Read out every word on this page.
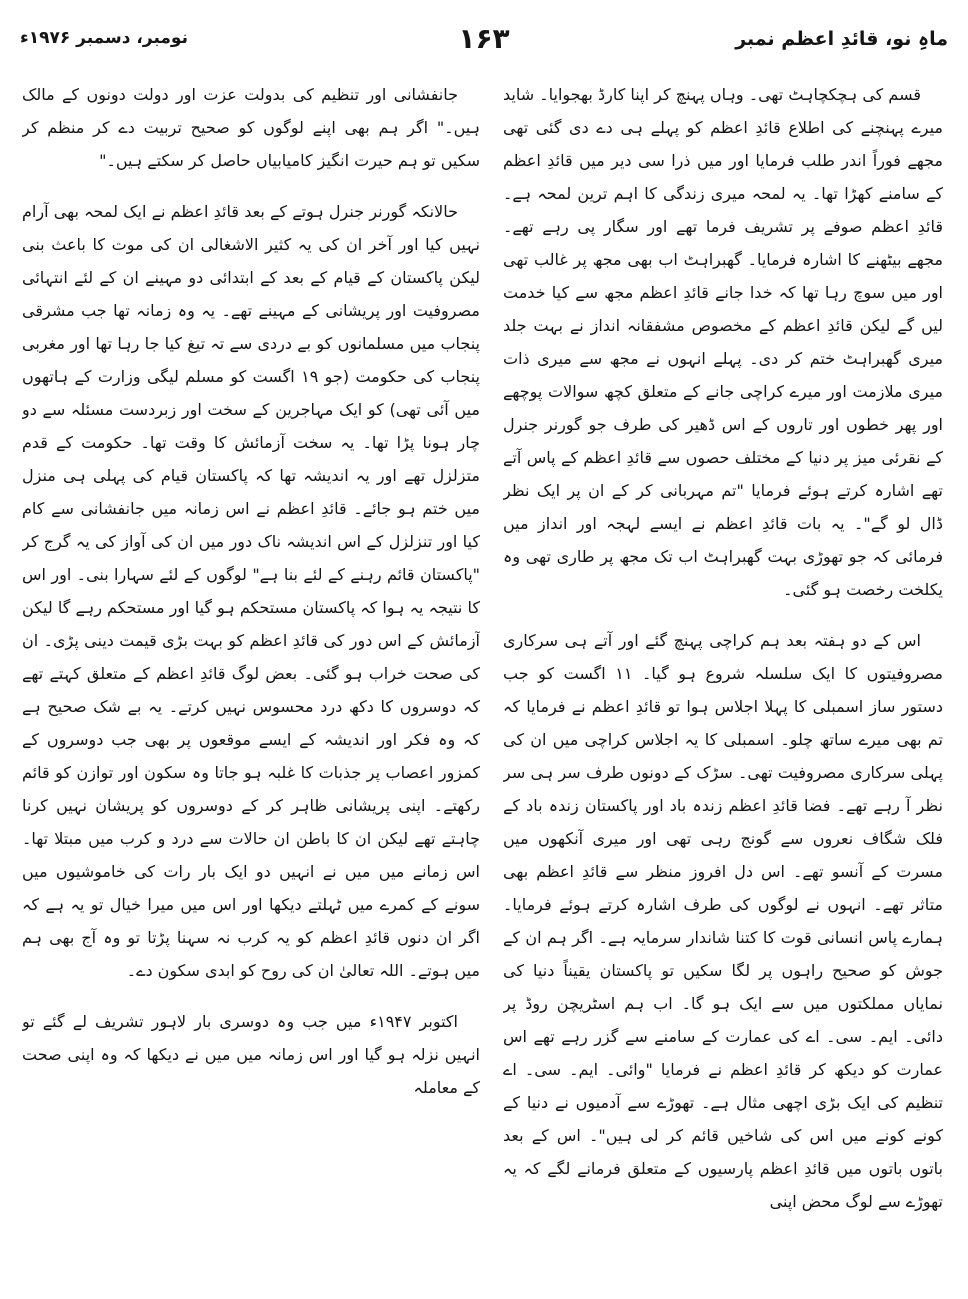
نومبر، دسمبر ۱۹۷۶ء	۱۶۳	ماہِ نو، قائدِ اعظم نمبر

قسم کی ہچکچاہٹ تھی۔ وہاں پہنچ کر اپنا کارڈ بھجوایا۔ شاید میرے پہنچنے کی اطلاع قائدِ اعظم کو پہلے ہی دے دی گئی تھی مجھے فوراً اندر طلب فرمایا اور میں ذرا سی دیر میں قائدِ اعظم کے سامنے کھڑا تھا۔ یہ لمحہ میری زندگی کا اہم ترین لمحہ ہے۔ قائدِ اعظم صوفے پر تشریف فرما تھے اور سگار پی رہے تھے۔ مجھے بیٹھنے کا اشارہ فرمایا۔ گھبراہٹ اب بھی مجھ پر غالب تھی اور میں سوچ رہا تھا کہ خدا جانے قائدِ اعظم مجھ سے کیا خدمت لیں گے لیکن قائدِ اعظم کے مخصوص مشفقانہ انداز نے بہت جلد میری گھبراہٹ ختم کر دی۔ پہلے انہوں نے مجھ سے میری ذات میری ملازمت اور میرے کراچی جانے کے متعلق کچھ سوالات پوچھے اور پھر خطوں اور تاروں کے اس ڈھیر کی طرف جو گورنر جنرل کے نقرئی میز پر دنیا کے مختلف حصوں سے قائدِ اعظم کے پاس آتے تھے اشارہ کرتے ہوئے فرمایا "تم مہربانی کر کے ان پر ایک نظر ڈال لو گے"۔ یہ بات قائدِ اعظم نے ایسے لہجہ اور انداز میں فرمائی کہ جو تھوڑی بہت گھبراہٹ اب تک مجھ پر طاری تھی وہ یکلخت رخصت ہو گئی۔

اس کے دو ہفتہ بعد ہم کراچی پہنچ گئے اور آتے ہی سرکاری مصروفیتوں کا ایک سلسلہ شروع ہو گیا۔ ۱۱ اگست کو جب دستور ساز اسمبلی کا پہلا اجلاس ہوا تو قائدِ اعظم نے فرمایا کہ تم بھی میرے ساتھ چلو۔ اسمبلی کا یہ اجلاس کراچی میں ان کی پہلی سرکاری مصروفیت تھی۔ سڑک کے دونوں طرف سر ہی سر نظر آ رہے تھے۔ فضا قائدِ اعظم زندہ باد اور پاکستان زندہ باد کے فلک شگاف نعروں سے گونج رہی تھی اور میری آنکھوں میں مسرت کے آنسو تھے۔ اس دل افروز منظر سے قائدِ اعظم بھی متاثر تھے۔ انہوں نے لوگوں کی طرف اشارہ کرتے ہوئے فرمایا۔ ہمارے پاس انسانی قوت کا کتنا شاندار سرمایہ ہے۔ اگر ہم ان کے جوش کو صحیح راہوں پر لگا سکیں تو پاکستان یقیناً دنیا کی نمایاں مملکتوں میں سے ایک ہو گا۔ اب ہم اسٹریچن روڈ پر دائی۔ ایم۔ سی۔ اے کی عمارت کے سامنے سے گزر رہے تھے اس عمارت کو دیکھ کر قائدِ اعظم نے فرمایا "وائی۔ ایم۔ سی۔ اے تنظیم کی ایک بڑی اچھی مثال ہے۔ تھوڑے سے آدمیوں نے دنیا کے کونے کونے میں اس کی شاخیں قائم کر لی ہیں"۔ اس کے بعد باتوں باتوں میں قائدِ اعظم پارسیوں کے متعلق فرمانے لگے کہ یہ تھوڑے سے لوگ محض اپنی

جانفشانی اور تنظیم کی بدولت عزت اور دولت دونوں کے مالک ہیں۔" اگر ہم بھی اپنے لوگوں کو صحیح تربیت دے کر منظم کر سکیں تو ہم حیرت انگیز کامیابیاں حاصل کر سکتے ہیں۔"

حالانکہ گورنر جنرل ہوتے کے بعد قائدِ اعظم نے ایک لمحہ بھی آرام نہیں کیا اور آخر ان کی یہ کثیر الاشغالی ان کی موت کا باعث بنی لیکن پاکستان کے قیام کے بعد کے ابتدائی دو مہینے ان کے لئے انتہائی مصروفیت اور پریشانی کے مہینے تھے۔ یہ وہ زمانہ تھا جب مشرقی پنجاب میں مسلمانوں کو بے دردی سے تہ تیغ کیا جا رہا تھا اور مغربی پنجاب کی حکومت (جو ۱۹ اگست کو مسلم لیگی وزارت کے ہاتھوں میں آئی تھی) کو ایک مہاجرین کے سخت اور زبردست مسئلہ سے دو چار ہونا پڑا تھا۔ یہ سخت آزمائش کا وقت تھا۔ حکومت کے قدم متزلزل تھے اور یہ اندیشہ تھا کہ پاکستان قیام کی پہلی ہی منزل میں ختم ہو جائے۔ قائدِ اعظم نے اس زمانہ میں جانفشانی سے کام کیا اور تنزلزل کے اس اندیشہ ناک دور میں ان کی آواز کی یہ گرج کر "پاکستان قائم رہنے کے لئے بنا ہے" لوگوں کے لئے سہارا بنی۔ اور اس کا نتیجہ یہ ہوا کہ پاکستان مستحکم ہو گیا اور مستحکم رہے گا لیکن آزمائش کے اس دور کی قائدِ اعظم کو بہت بڑی قیمت دینی پڑی۔ ان کی صحت خراب ہو گئی۔ بعض لوگ قائدِ اعظم کے متعلق کہتے تھے کہ دوسروں کا دکھ درد محسوس نہیں کرتے۔ یہ بے شک صحیح ہے کہ وہ فکر اور اندیشہ کے ایسے موقعوں پر بھی جب دوسروں کے کمزور اعصاب پر جذبات کا غلبہ ہو جاتا وہ سکون اور توازن کو قائم رکھتے۔ اپنی پریشانی ظاہر کر کے دوسروں کو پریشان نہیں کرنا چاہتے تھے لیکن ان کا باطن ان حالات سے درد و کرب میں مبتلا تھا۔ اس زمانے میں میں نے انہیں دو ایک بار رات کی خاموشیوں میں سونے کے کمرے میں ٹہلتے دیکھا اور اس میں میرا خیال تو یہ ہے کہ اگر ان دنوں قائدِ اعظم کو یہ کرب نہ سہنا پڑتا تو وہ آج بھی ہم میں ہوتے۔ اللہ تعالیٰ ان کی روح کو ابدی سکون دے۔

اکتوبر ۱۹۴۷ء میں جب وہ دوسری بار لاہور تشریف لے گئے تو انہیں نزلہ ہو گیا اور اس زمانہ میں میں نے دیکھا کہ وہ اپنی صحت کے معاملہ
